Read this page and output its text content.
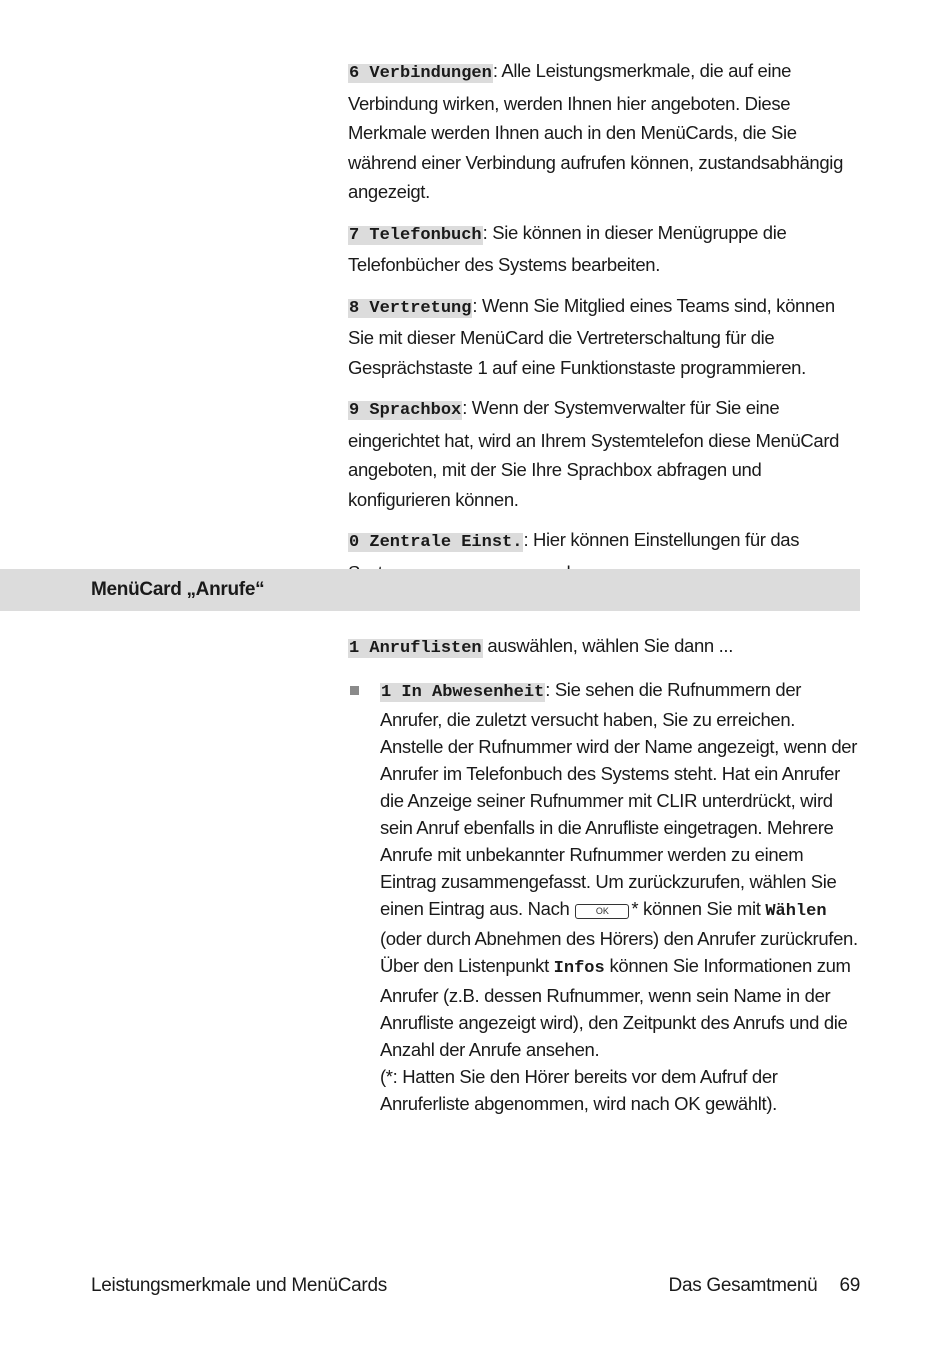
6 Verbindungen: Alle Leistungsmerkmale, die auf eine Verbindung wirken, werden Ihnen hier angeboten. Diese Merkmale werden Ihnen auch in den MenüCards, die Sie während einer Verbindung aufrufen können, zustandsabhängig angezeigt.

7 Telefonbuch: Sie können in dieser Menügruppe die Telefonbücher des Systems bearbeiten.

8 Vertretung: Wenn Sie Mitglied eines Teams sind, können Sie mit dieser MenüCard die Vertreterschaltung für die Gesprächstaste 1 auf eine Funktionstaste programmieren.

9 Sprachbox: Wenn der Systemverwalter für Sie eine eingerichtet hat, wird an Ihrem Systemtelefon diese MenüCard angeboten, mit der Sie Ihre Sprachbox abfragen und konfigurieren können.

0 Zentrale Einst.: Hier können Einstellungen für das

MenüCard „Anrufe“

1 Anruflisten auswählen, wählen Sie dann ...

1 In Abwesenheit: Sie sehen die Rufnummern der Anrufer, die zuletzt versucht haben, Sie zu erreichen. Anstelle der Rufnummer wird der Name angezeigt, wenn der Anrufer im Telefonbuch des Systems steht. Hat ein Anrufer die Anzeige seiner Rufnummer mit CLIR unterdrückt, wird sein Anruf ebenfalls in die Anrufliste eingetragen. Mehrere Anrufe mit unbekannter Rufnummer werden zu einem Eintrag zusammengefasst. Um zurückzurufen, wählen Sie einen Eintrag aus. Nach	OK * können Sie mit Wählen (oder durch Abnehmen des Hörers) den Anrufer zurückrufen. Über den Listenpunkt Infos können Sie Informationen zum Anrufer (z.B. dessen Rufnummer, wenn sein Name in der Anrufliste angezeigt wird), den Zeitpunkt des Anrufs und die Anzahl der Anrufe ansehen.
(*: Hatten Sie den Hörer bereits vor dem Aufruf der Anruferliste abgenommen, wird nach OK gewählt).
Leistungsmerkmale und MenüCards	Das Gesamtmenü 69
